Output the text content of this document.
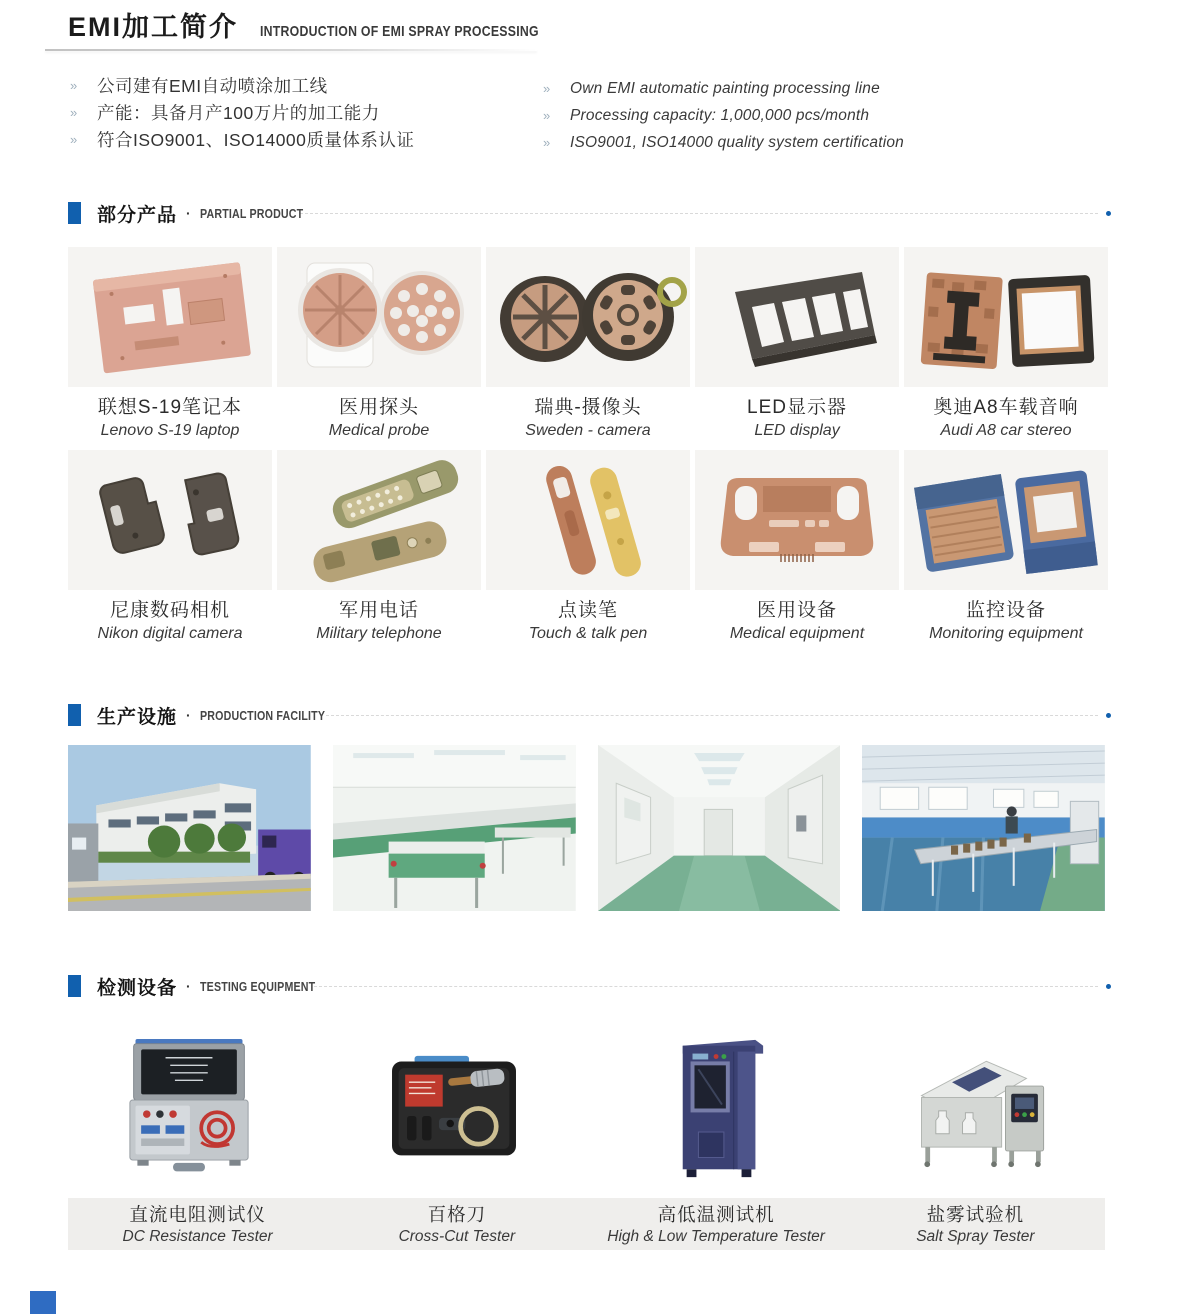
EMI加工简介 INTRODUCTION OF EMI SPRAY PROCESSING
»	公司建有EMI自动喷涂加工线
»	产能：具备月产100万片的加工能力
»	符合ISO9001、ISO14000质量体系认证
»	Own EMI automatic painting processing line
»	Processing capacity: 1,000,000 pcs/month
»	ISO9001, ISO14000 quality system certification
部分产品 · PARTIAL PRODUCT
联想S-19笔记本
Lenovo S-19 laptop
医用探头
Medical probe
瑞典-摄像头
Sweden - camera
LED显示器
LED display
奥迪A8车载音响
Audi A8 car stereo
尼康数码相机
Nikon digital camera
军用电话
Military telephone
点读笔
Touch & talk pen
医用设备
Medical equipment
监控设备
Monitoring equipment
生产设施 · PRODUCTION FACILITY
检测设备 · TESTING EQUIPMENT
直流电阻测试仪
DC Resistance Tester
百格刀
Cross-Cut Tester
高低温测试机
High & Low Temperature Tester
盐雾试验机
Salt Spray Tester
